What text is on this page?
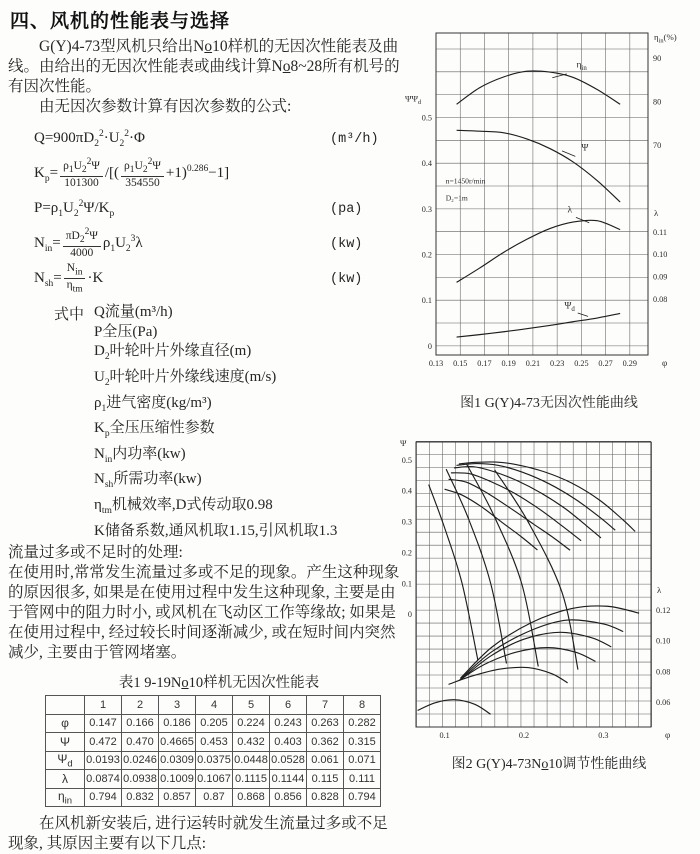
四、风机的性能表与选择

G(Y)4-73型风机只给出No10样机的无因次性能表及曲线。由给出的无因次性能表或曲线计算No8~28所有机号的有因次性能。

由无因次参数计算有因次参数的公式:

$Q=900\pi D_2^2\cdot U_2^2\cdot\Phi$	(m³/h)
$K_p= \frac{\rho_1U_2^2\Psi}{101300}$ /[( $\frac{\rho_1U_2^2\Psi}{354550} +1)^{0.286}-1$]
$P=\rho_1U_2^2\Psi/K_p$	(pa)
$N_{in}= \frac{\pi D_2^2\Psi}{4000} \rho_1U_2^3\lambda$	(kw)
$N_{sh}=$
$N_{in}$
$\eta_{tm}$
·K	(kw)
式中 Q流量(m³/h)
P全压(Pa)
$D_2$叶轮叶片外缘直径(m)
$U_2$叶轮叶片外缘线速度(m/s)
$\rho_1$进气密度(kg/m³)
$K_p$全压压缩性参数
$N_{in}$内功率(kw)
$N_{sh}$所需功率(kw)
$\eta_{tm}$机械效率,D式传动取0.98
K储备系数,通风机取1.15,引风机取1.3

流量过多或不足时的处理:

在使用时,常常发生流量过多或不足的现象。产生这种现象的原因很多, 如果是在使用过程中发生这种现象, 主要是由于管网中的阻力时小, 或风机在飞动区工作等缘故; 如果是在使用过程中, 经过较长时间逐渐减少, 或在短时间内突然减少, 主要由于管网堵塞。

表1 9-19No10样机无因次性能表
	1	2	3	4	5	6	7	8
φ	0.147	0.166	0.186	0.205	0.224	0.243	0.263	0.282
Ψ	0.472	0.470	0.4665	0.453	0.432	0.403	0.362	0.315
$\Psi_d$	0.0193	0.0246	0.0309	0.0375	0.0448	0.0528	0.061	0.071
λ	0.0874	0.0938	0.1009	0.1067	0.1115	0.1144	0.115	0.111
$\eta_{in}$	0.794	0.832	0.857	0.87	0.868	0.856	0.828	0.794

在风机新安装后, 进行运转时就发生流量过多或不足现象, 其原因主要有以下几点:

n=1450r/min
D₂=1m
$\eta_{in}$
Ψ
λ
$\Psi_d$
0.13 0.15 0.17 0.19 0.21 0.23 0.25 0.27 0.29	φ
0
0.1
0.2
0.3
0.4
0.5
$\Psi\Psi_d$
70
80
90
$\eta_{in}(\%)$
0.08
0.09
0.10
0.11
λ
图1 G(Y)4-73无因次性能曲线
0.1	0.2	0.3	φ
0
0.1
0.2
0.3
0.4
0.5
Ψ
0.06
0.08
0.10
0.12
λ
图2 G(Y)4-73No10调节性能曲线
